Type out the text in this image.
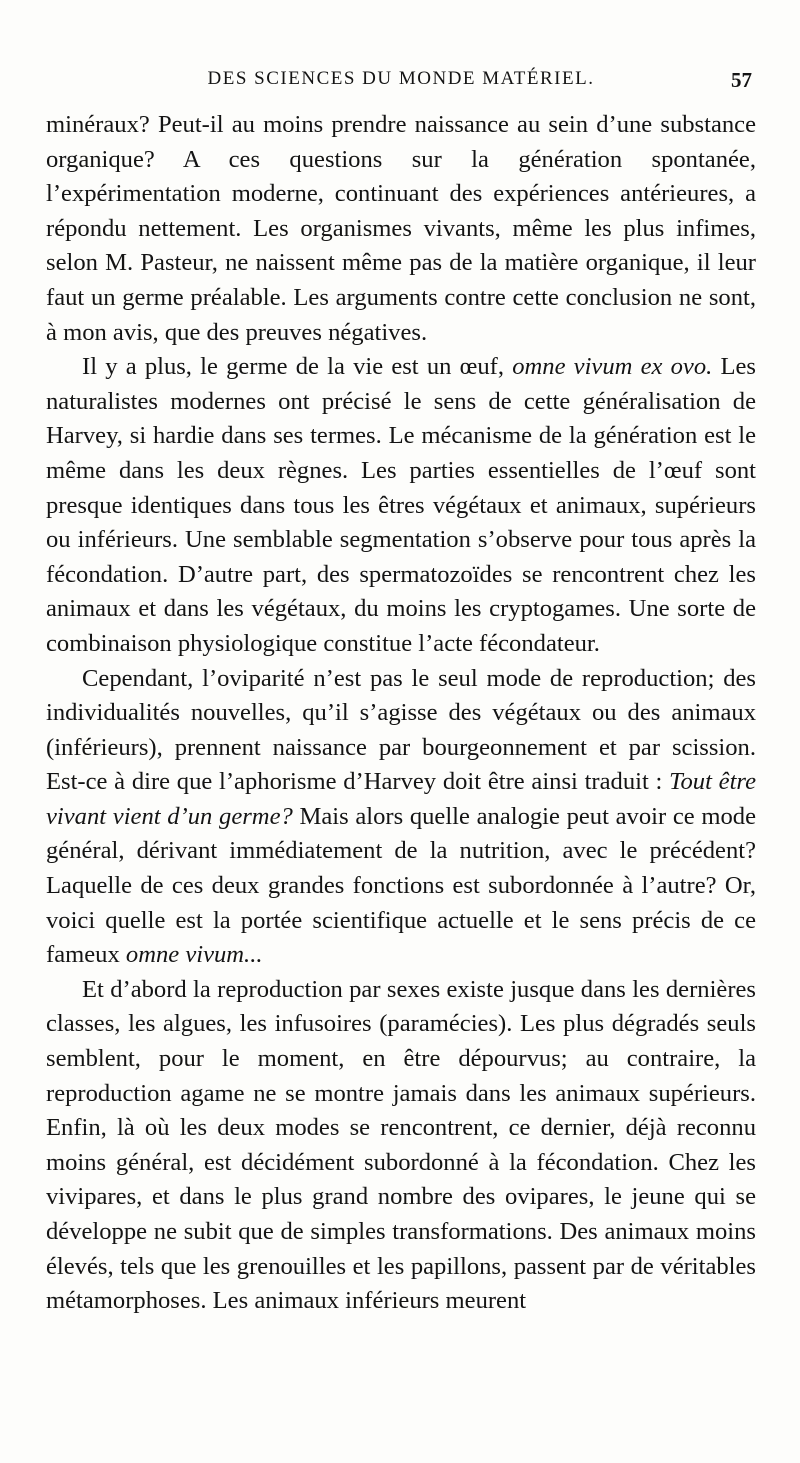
DES SCIENCES DU MONDE MATÉRIEL.	57

minéraux? Peut-il au moins prendre naissance au sein d’une substance organique? A ces questions sur la génération spontanée, l’expérimentation moderne, continuant des expériences antérieures, a répondu nettement. Les organismes vivants, même les plus infimes, selon M. Pasteur, ne naissent même pas de la matière organique, il leur faut un germe préalable. Les arguments contre cette conclusion ne sont, à mon avis, que des preuves négatives.

Il y a plus, le germe de la vie est un œuf, omne vivum ex ovo. Les naturalistes modernes ont précisé le sens de cette généralisation de Harvey, si hardie dans ses termes. Le mécanisme de la génération est le même dans les deux règnes. Les parties essentielles de l’œuf sont presque identiques dans tous les êtres végétaux et animaux, supérieurs ou inférieurs. Une semblable segmentation s’observe pour tous après la fécondation. D’autre part, des spermatozoïdes se rencontrent chez les animaux et dans les végétaux, du moins les cryptogames. Une sorte de combinaison physiologique constitue l’acte fécondateur.

Cependant, l’oviparité n’est pas le seul mode de reproduction; des individualités nouvelles, qu’il s’agisse des végétaux ou des animaux (inférieurs), prennent naissance par bourgeonnement et par scission. Est-ce à dire que l’aphorisme d’Harvey doit être ainsi traduit : Tout être vivant vient d’un germe? Mais alors quelle analogie peut avoir ce mode général, dérivant immédiatement de la nutrition, avec le précédent? Laquelle de ces deux grandes fonctions est subordonnée à l’autre? Or, voici quelle est la portée scientifique actuelle et le sens précis de ce fameux omne vivum...

Et d’abord la reproduction par sexes existe jusque dans les dernières classes, les algues, les infusoires (paramécies). Les plus dégradés seuls semblent, pour le moment, en être dépourvus; au contraire, la reproduction agame ne se montre jamais dans les animaux supérieurs. Enfin, là où les deux modes se rencontrent, ce dernier, déjà reconnu moins général, est décidément subordonné à la fécondation. Chez les vivipares, et dans le plus grand nombre des ovipares, le jeune qui se développe ne subit que de simples transformations. Des animaux moins élevés, tels que les grenouilles et les papillons, passent par de véritables métamorphoses. Les animaux inférieurs meurent
